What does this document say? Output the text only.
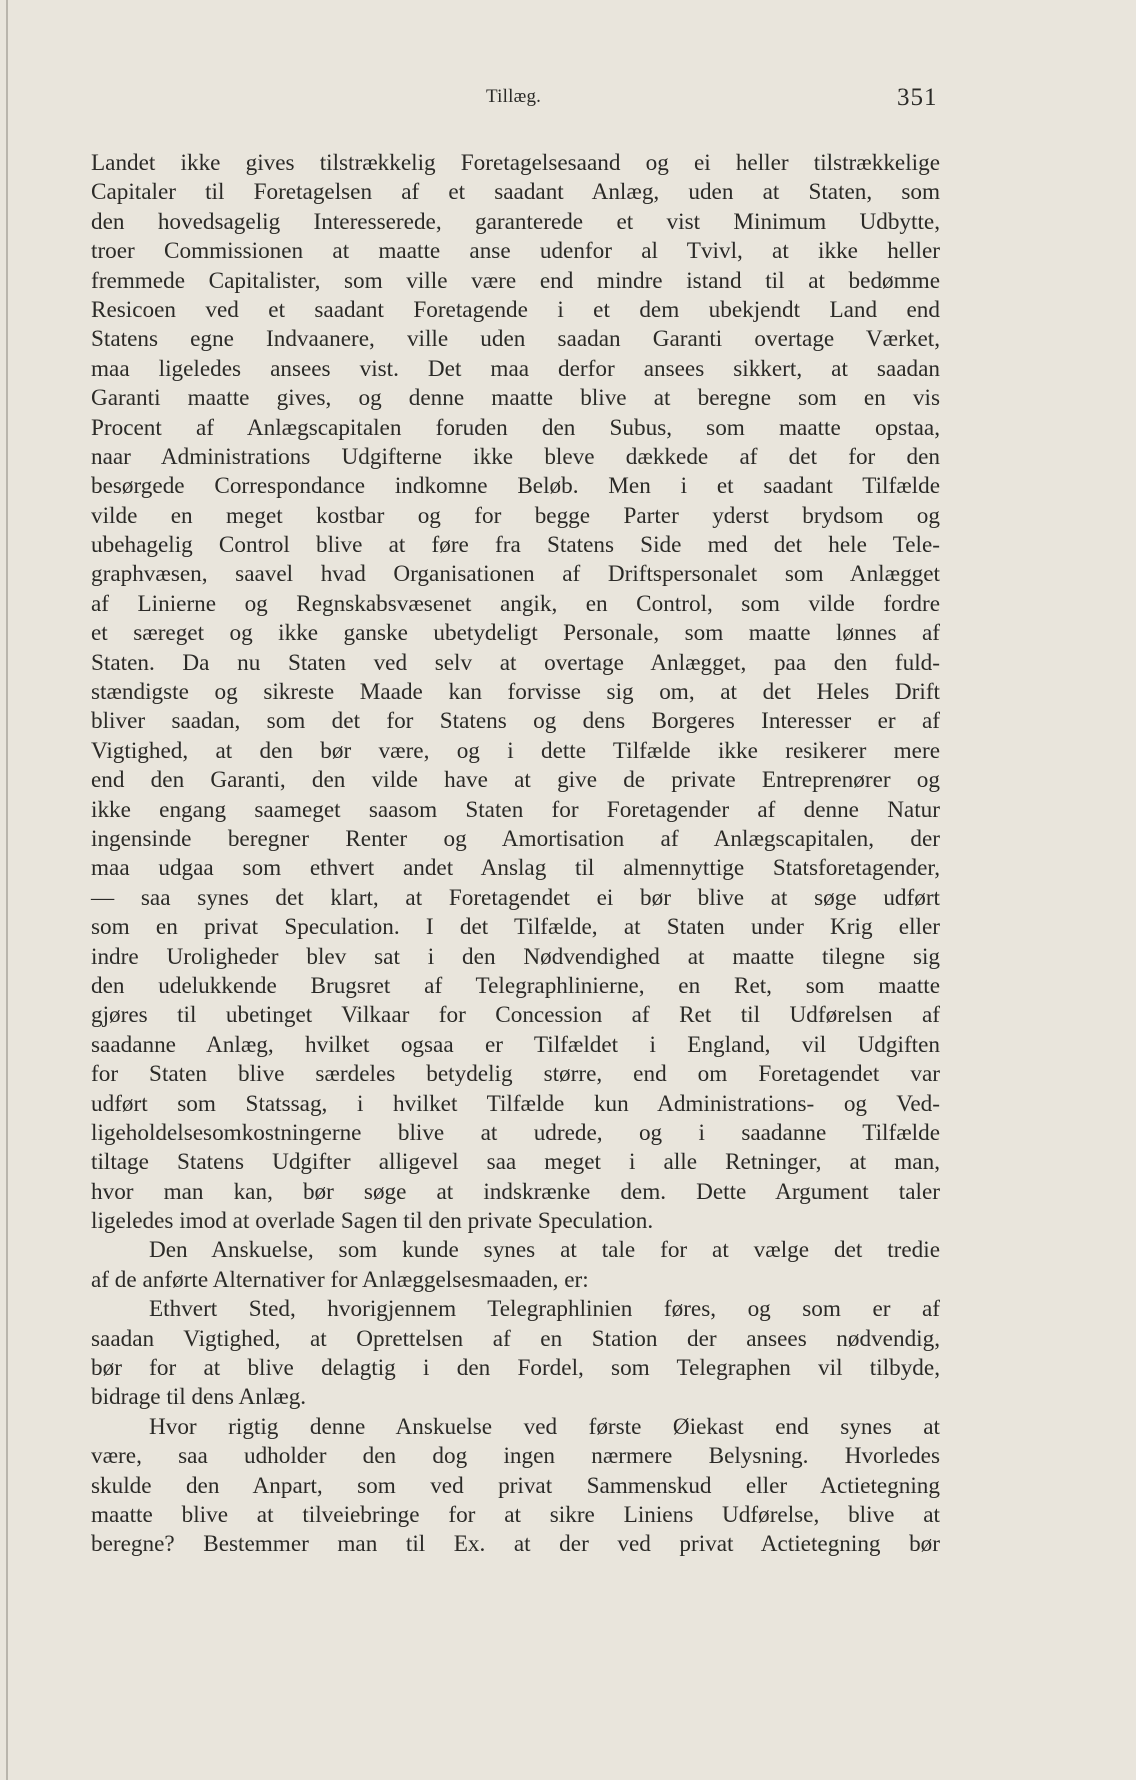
Tillæg.	351
Landet ikke gives tilstrækkelig Foretagelsesaand og ei heller tilstrækkelige
Capitaler til Foretagelsen af et saadant Anlæg, uden at Staten, som
den hovedsagelig Interesserede, garanterede et vist Minimum Udbytte,
troer Commissionen at maatte anse udenfor al Tvivl, at ikke heller
fremmede Capitalister, som ville være end mindre istand til at bedømme
Resicoen ved et saadant Foretagende i et dem ubekjendt Land end
Statens egne Indvaanere, ville uden saadan Garanti overtage Værket,
maa ligeledes ansees vist. Det maa derfor ansees sikkert, at saadan
Garanti maatte gives, og denne maatte blive at beregne som en vis
Procent af Anlægscapitalen foruden den Subus, som maatte opstaa,
naar Administrations Udgifterne ikke bleve dækkede af det for den
besørgede Correspondance indkomne Beløb. Men i et saadant Tilfælde
vilde en meget kostbar og for begge Parter yderst brydsom og
ubehagelig Control blive at føre fra Statens Side med det hele Tele-
graphvæsen, saavel hvad Organisationen af Driftspersonalet som Anlægget
af Linierne og Regnskabsvæsenet angik, en Control, som vilde fordre
et særeget og ikke ganske ubetydeligt Personale, som maatte lønnes af
Staten. Da nu Staten ved selv at overtage Anlægget, paa den fuld-
stændigste og sikreste Maade kan forvisse sig om, at det Heles Drift
bliver saadan, som det for Statens og dens Borgeres Interesser er af
Vigtighed, at den bør være, og i dette Tilfælde ikke resikerer mere
end den Garanti, den vilde have at give de private Entreprenører og
ikke engang saameget saasom Staten for Foretagender af denne Natur
ingensinde beregner Renter og Amortisation af Anlægscapitalen, der
maa udgaa som ethvert andet Anslag til almennyttige Statsforetagender,
— saa synes det klart, at Foretagendet ei bør blive at søge udført
som en privat Speculation. I det Tilfælde, at Staten under Krig eller
indre Uroligheder blev sat i den Nødvendighed at maatte tilegne sig
den udelukkende Brugsret af Telegraphlinierne, en Ret, som maatte
gjøres til ubetinget Vilkaar for Concession af Ret til Udførelsen af
saadanne Anlæg, hvilket ogsaa er Tilfældet i England, vil Udgiften
for Staten blive særdeles betydelig større, end om Foretagendet var
udført som Statssag, i hvilket Tilfælde kun Administrations- og Ved-
ligeholdelsesomkostningerne blive at udrede, og i saadanne Tilfælde
tiltage Statens Udgifter alligevel saa meget i alle Retninger, at man,
hvor man kan, bør søge at indskrænke dem. Dette Argument taler
ligeledes imod at overlade Sagen til den private Speculation.
Den Anskuelse, som kunde synes at tale for at vælge det tredie
af de anførte Alternativer for Anlæggelsesmaaden, er:
Ethvert Sted, hvorigjennem Telegraphlinien føres, og som er af
saadan Vigtighed, at Oprettelsen af en Station der ansees nødvendig,
bør for at blive delagtig i den Fordel, som Telegraphen vil tilbyde,
bidrage til dens Anlæg.
Hvor rigtig denne Anskuelse ved første Øiekast end synes at
være, saa udholder den dog ingen nærmere Belysning. Hvorledes
skulde den Anpart, som ved privat Sammenskud eller Actietegning
maatte blive at tilveiebringe for at sikre Liniens Udførelse, blive at
beregne? Bestemmer man til Ex. at der ved privat Actietegning bør
